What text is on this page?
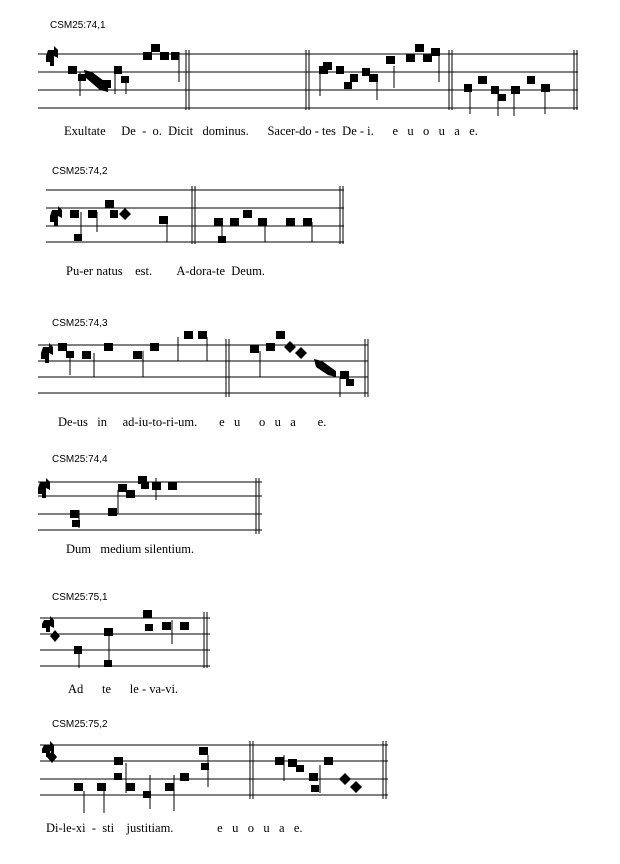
CSM25:74,1
Exultate     De  -  o.  Dicit   dominus.      Sacer-do - tes  De - i.      e   u   o   u   a   e.
CSM25:74,2
Pu-er natus    est.        A-dora-te  Deum.
CSM25:74,3
De-us   in     ad-iu-to-ri-um.       e   u      o   u   a       e.
CSM25:74,4
Dum   medium silentium.
CSM25:75,1
Ad      te      le - va-vi.
CSM25:75,2
Di-le-xi  -  sti    justitiam.              e   u   o   u   a   e.
